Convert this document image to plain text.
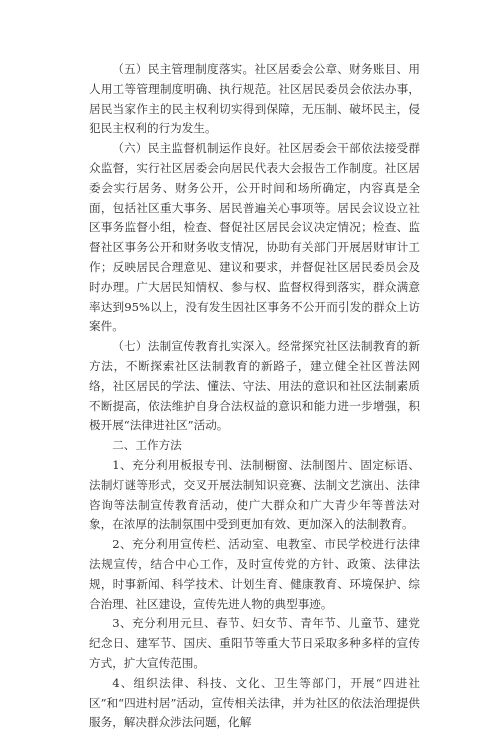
（五）民主管理制度落实。社区居委会公章、财务账目、用人用工等管理制度明确、执行规范。社区居民委员会依法办事，居民当家作主的民主权利切实得到保障，无压制、破坏民主，侵犯民主权利的行为发生。

（六）民主监督机制运作良好。社区居委会干部依法接受群众监督，实行社区居委会向居民代表大会报告工作制度。社区居委会实行居务、财务公开，公开时间和场所确定，内容真是全面，包括社区重大事务、居民普遍关心事项等。居民会议设立社区事务监督小组，检查、督促社区居民会议决定情况；检查、监督社区事务公开和财务收支情况，协助有关部门开展居财审计工作；反映居民合理意见、建议和要求，并督促社区居民委员会及时办理。广大居民知情权、参与权、监督权得到落实，群众满意率达到95%以上，没有发生因社区事务不公开而引发的群众上访案件。

（七）法制宣传教育扎实深入。经常探究社区法制教育的新方法，不断探索社区法制教育的新路子，建立健全社区普法网络，社区居民的学法、懂法、守法、用法的意识和社区法制素质不断提高，依法维护自身合法权益的意识和能力进一步增强，积极开展“法律进社区”活动。

二、工作方法

1、充分利用板报专刊、法制橱窗、法制图片、固定标语、法制灯谜等形式，交叉开展法制知识竞赛、法制文艺演出、法律咨询等法制宣传教育活动，使广大群众和广大青少年等普法对象，在浓厚的法制氛围中受到更加有效、更加深入的法制教育。

2、充分利用宣传栏、活动室、电教室、市民学校进行法律法规宣传，结合中心工作，及时宣传党的方针、政策、法律法规，时事新闻、科学技术、计划生育、健康教育、环境保护、综合治理、社区建设，宣传先进人物的典型事迹。

3、充分利用元旦、春节、妇女节、青年节、儿童节、建党纪念日、建军节、国庆、重阳节等重大节日采取多种多样的宣传方式，扩大宣传范围。

4、组织法律、科技、文化、卫生等部门，开展“四进社区”和“四进村居”活动，宣传相关法律，并为社区的依法治理提供服务，解决群众涉法问题，化解
